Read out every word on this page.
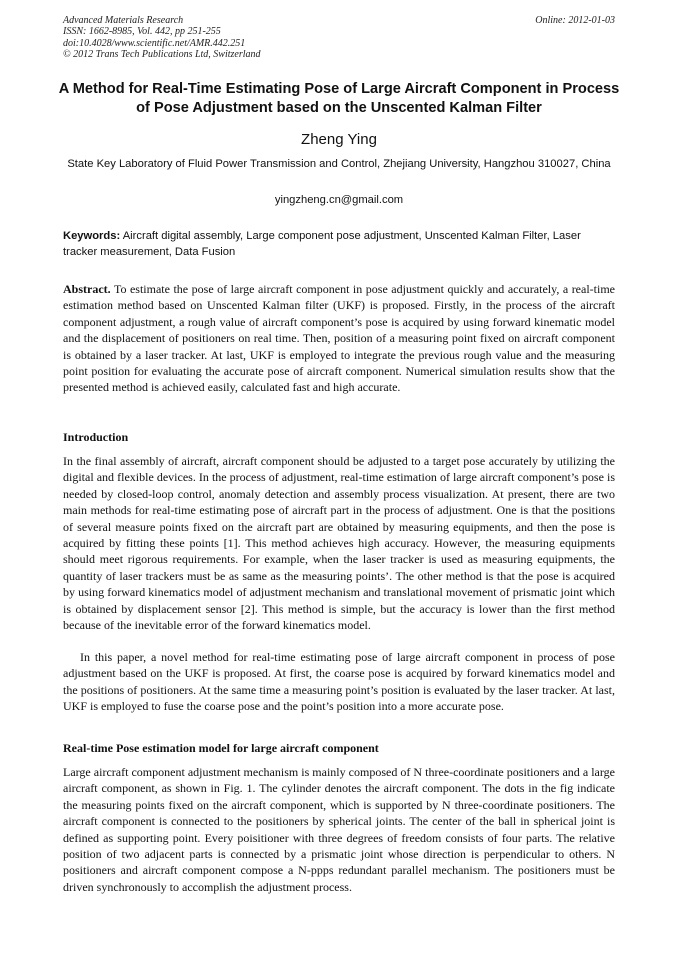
Advanced Materials Research
ISSN: 1662-8985, Vol. 442, pp 251-255
doi:10.4028/www.scientific.net/AMR.442.251
© 2012 Trans Tech Publications Ltd, Switzerland
Online: 2012-01-03
A Method for Real-Time Estimating Pose of Large Aircraft Component in Process of Pose Adjustment based on the Unscented Kalman Filter
Zheng Ying
State Key Laboratory of Fluid Power Transmission and Control, Zhejiang University, Hangzhou 310027, China
yingzheng.cn@gmail.com
Keywords: Aircraft digital assembly, Large component pose adjustment, Unscented Kalman Filter, Laser tracker measurement, Data Fusion
Abstract. To estimate the pose of large aircraft component in pose adjustment quickly and accurately, a real-time estimation method based on Unscented Kalman filter (UKF) is proposed. Firstly, in the process of the aircraft component adjustment, a rough value of aircraft component’s pose is acquired by using forward kinematic model and the displacement of positioners on real time. Then, position of a measuring point fixed on aircraft component is obtained by a laser tracker. At last, UKF is employed to integrate the previous rough value and the measuring point position for evaluating the accurate pose of aircraft component. Numerical simulation results show that the presented method is achieved easily, calculated fast and high accurate.
Introduction
In the final assembly of aircraft, aircraft component should be adjusted to a target pose accurately by utilizing the digital and flexible devices. In the process of adjustment, real-time estimation of large aircraft component’s pose is needed by closed-loop control, anomaly detection and assembly process visualization. At present, there are two main methods for real-time estimating pose of aircraft part in the process of adjustment. One is that the positions of several measure points fixed on the aircraft part are obtained by measuring equipments, and then the pose is acquired by fitting these points [1]. This method achieves high accuracy. However, the measuring equipments should meet rigorous requirements. For example, when the laser tracker is used as measuring equipments, the quantity of laser trackers must be as same as the measuring points’. The other method is that the pose is acquired by using forward kinematics model of adjustment mechanism and translational movement of prismatic joint which is obtained by displacement sensor [2]. This method is simple, but the accuracy is lower than the first method because of the inevitable error of the forward kinematics model.
In this paper, a novel method for real-time estimating pose of large aircraft component in process of pose adjustment based on the UKF is proposed. At first, the coarse pose is acquired by forward kinematics model and the positions of positioners. At the same time a measuring point’s position is evaluated by the laser tracker. At last, UKF is employed to fuse the coarse pose and the point’s position into a more accurate pose.
Real-time Pose estimation model for large aircraft component
Large aircraft component adjustment mechanism is mainly composed of N three-coordinate positioners and a large aircraft component, as shown in Fig. 1. The cylinder denotes the aircraft component. The dots in the fig indicate the measuring points fixed on the aircraft component, which is supported by N three-coordinate positioners. The aircraft component is connected to the positioners by spherical joints. The center of the ball in spherical joint is defined as supporting point. Every poisitioner with three degrees of freedom consists of four parts. The relative position of two adjacent parts is connected by a prismatic joint whose direction is perpendicular to others. N positioners and aircraft component compose a N-ppps redundant parallel mechanism. The positioners must be driven synchronously to accomplish the adjustment process.
